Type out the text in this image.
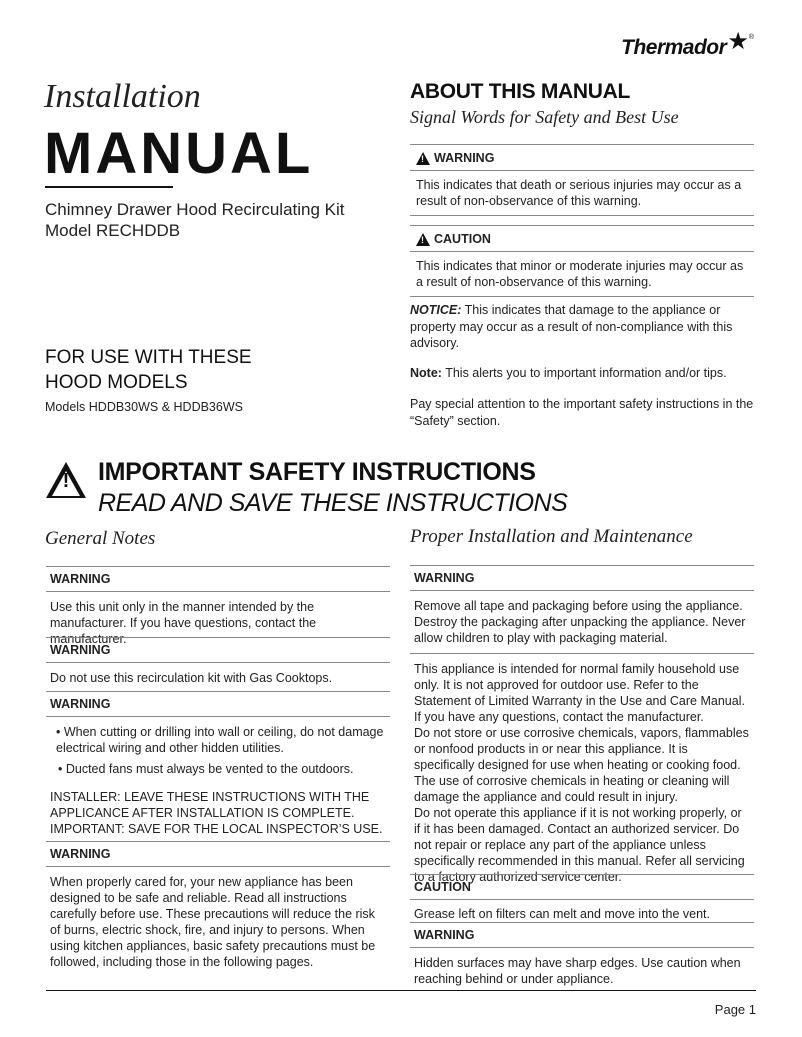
Thermador ★ ®
Installation
MANUAL
Chimney Drawer Hood Recirculating Kit
Model RECHDDB
FOR USE WITH THESE
HOOD MODELS
Models HDDB30WS & HDDB36WS
ABOUT THIS MANUAL
Signal Words for Safety and Best Use
!
WARNING
This indicates that death or serious injuries may occur as a result of non-observance of this warning.
!
CAUTION
This indicates that minor or moderate injuries may occur as a result of non-observance of this warning.
NOTICE: This indicates that damage to the appliance or property may occur as a result of non-compliance with this advisory.
Note: This alerts you to important information and/or tips.
Pay special attention to the important safety instructions in the “Safety” section.
! IMPORTANT SAFETY INSTRUCTIONS
READ AND SAVE THESE INSTRUCTIONS
General Notes
WARNING
Use this unit only in the manner intended by the manufacturer. If you have questions, contact the manufacturer.
WARNING
Do not use this recirculation kit with Gas Cooktops.
WARNING

• When cutting or drilling into wall or ceiling, do not damage electrical wiring and other hidden utilities.

• Ducted fans must always be vented to the outdoors.

INSTALLER: LEAVE THESE INSTRUCTIONS WITH THE APPLICANCE AFTER INSTALLATION IS COMPLETE. IMPORTANT: SAVE FOR THE LOCAL INSPECTOR’S USE.

WARNING
When properly cared for, your new appliance has been designed to be safe and reliable. Read all instructions carefully before use. These precautions will reduce the risk of burns, electric shock, fire, and injury to persons. When using kitchen appliances, basic safety precautions must be followed, including those in the following pages.
Proper Installation and Maintenance
WARNING
Remove all tape and packaging before using the appliance. Destroy the packaging after unpacking the appliance. Never allow children to play with packaging material.

This appliance is intended for normal family household use only. It is not approved for outdoor use. Refer to the Statement of Limited Warranty in the Use and Care Manual. If you have any questions, contact the manufacturer.

Do not store or use corrosive chemicals, vapors, flammables or nonfood products in or near this appliance. It is specifically designed for use when heating or cooking food. The use of corrosive chemicals in heating or cleaning will damage the appliance and could result in injury.

Do not operate this appliance if it is not working properly, or if it has been damaged. Contact an authorized servicer. Do not repair or replace any part of the appliance unless specifically recommended in this manual. Refer all servicing to a factory authorized service center.

CAUTION
Grease left on filters can melt and move into the vent.
WARNING
Hidden surfaces may have sharp edges. Use caution when reaching behind or under appliance.
Page 1
